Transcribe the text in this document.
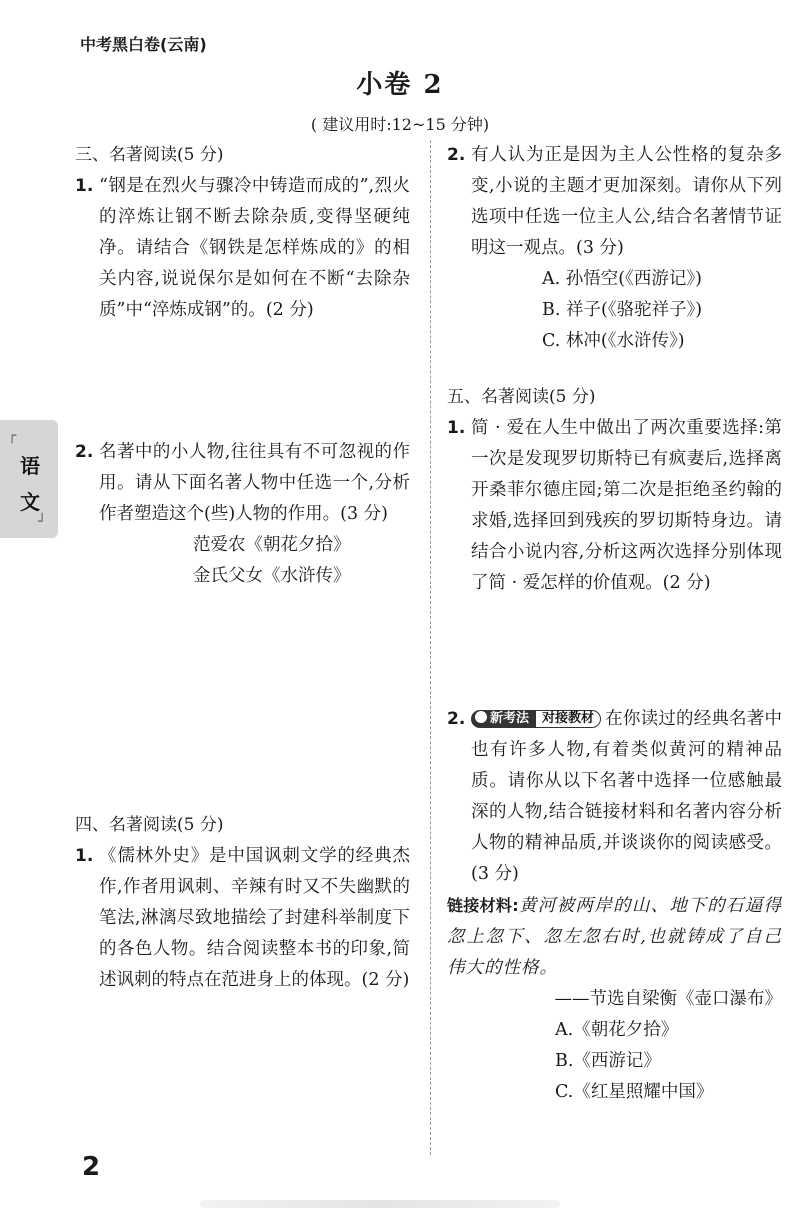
中考黑白卷(云南)
小卷 2
( 建议用时:12~15 分钟)
┌
语
文
┘
三、名著阅读(5 分)

1. “钢是在烈火与骤冷中铸造而成的”,烈火的淬炼让钢不断去除杂质,变得坚硬纯净。请结合《钢铁是怎样炼成的》的相关内容,说说保尔是如何在不断“去除杂质”中“淬炼成钢”的。(2 分)

2. 名著中的小人物,往往具有不可忽视的作用。请从下面名著人物中任选一个,分析作者塑造这个(些)人物的作用。(3 分)

范爱农《朝花夕拾》
金氏父女《水浒传》
四、名著阅读(5 分)

1. 《儒林外史》是中国讽刺文学的经典杰作,作者用讽刺、辛辣有时又不失幽默的笔法,淋漓尽致地描绘了封建科举制度下的各色人物。结合阅读整本书的印象,简述讽刺的特点在范进身上的体现。(2 分)

2. 有人认为正是因为主人公性格的复杂多变,小说的主题才更加深刻。请你从下列选项中任选一位主人公,结合名著情节证明这一观点。(3 分)

A. 孙悟空(《西游记》)
B. 祥子(《骆驼祥子》)
C. 林冲(《水浒传》)
五、名著阅读(5 分)

1. 简 · 爱在人生中做出了两次重要选择:第一次是发现罗切斯特已有疯妻后,选择离开桑菲尔德庄园;第二次是拒绝圣约翰的求婚,选择回到残疾的罗切斯特身边。请结合小说内容,分析这两次选择分别体现了简 · 爱怎样的价值观。(2 分)

2. 新考法 对接教材 在你读过的经典名著中也有许多人物,有着类似黄河的精神品质。请你从以下名著中选择一位感触最深的人物,结合链接材料和名著内容分析人物的精神品质,并谈谈你的阅读感受。(3 分)

链接材料:黄河被两岸的山、地下的石逼得忽上忽下、忽左忽右时,也就铸成了自己伟大的性格。

——节选自梁衡《壶口瀑布》
A.《朝花夕拾》
B.《西游记》
C.《红星照耀中国》
2
